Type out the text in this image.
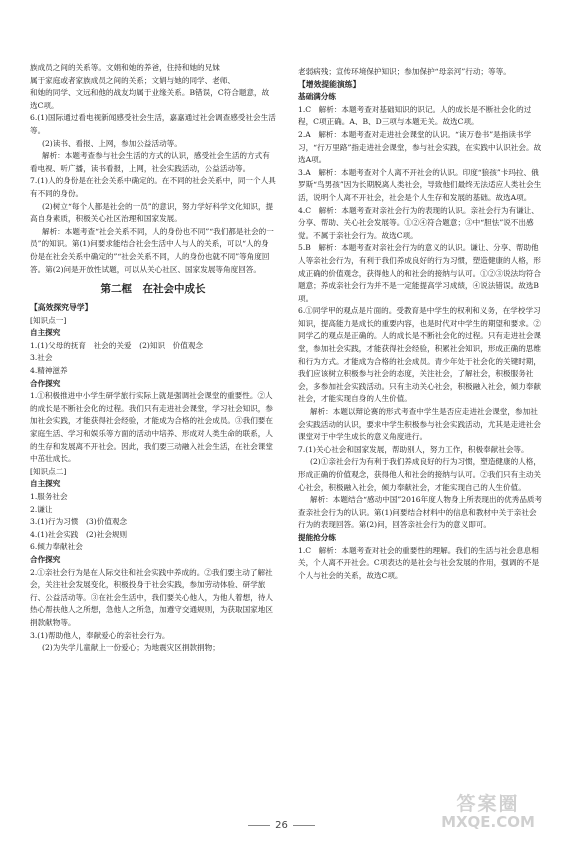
族成员之间的关系等。文娟和她的养爸，住持和她的兄妹

属于家庭或者家族成员之间的关系；文娟与她的同学、老师、

和她的同学、文远和他的战友均属于业缘关系。B错误，C符合题意，故选C项。

6.(1)国际通过看电视新闻感受社会生活，嘉嘉通过社会调查感受社会生活等。

(2)读书、看报、上网，参加公益活动等。

解析：本题考查参与社会生活的方式的认识，感受社会生活的方式有看电视、听广播，读书看报，上网，社会实践活动，公益活动等。

7.(1)人的身份是在社会关系中确定的。在不同的社会关系中，同一个人具有不同的身份。

(2)树立“每个人都是社会的一员”的意识，努力学好科学文化知识，提高自身素质，积极关心社区治理和国家发展。

解析：本题考查“社会关系不同，人的身份也不同”“我们都是社会的一员”的知识。第(1)问要求能结合社会生活中人与人的关系，可以“人的身份是在社会关系中确定的”“社会关系不同，人的身份也就不同”等角度回答。第(2)问是开放性试题，可以从关心社区、国家发展等角度回答。

第二框　在社会中成长

【高效探究导学】

[知识点一]

自主探究

1.(1)父母的抚育　社会的关爱　(2)知识　价值观念

3.社会

4.精神滋养

合作探究

1.①积极推进中小学生研学旅行实际上就是强调社会课堂的重要性。②人的成长是不断社会化的过程。我们只有走进社会课堂，学习社会知识，参加社会实践，才能获得社会经验，才能成为合格的社会成员。③我们要在家庭生活、学习和娱乐等方面的活动中培养、形成对人类生命的联系，人的生存和发展离不开社会。因此，我们要三动融入社会生活，在社会课堂中茁壮成长。

[知识点二]

自主探究

1.服务社会

2.谦让

3.(1)行为习惯　(3)价值观念

4.(1)社会实践　(2)社会规则

6.倾力奉献社会

合作探究

2.①亲社会行为是在人际交往和社会实践中养成的。②我们要主动了解社会，关注社会发展变化，积极投身于社会实践，参加劳动体验、研学旅行、公益活动等。③在社会生活中，我们要关心他人，为他人着想，待人热心帮扶他人之所想，急他人之所急，加遵守交通规则，为获取国家地区捐款献物等。

3.(1)帮助他人，奉献爱心的亲社会行为。

(2)为失学儿童献上一份爱心；为地震灾区捐款捐物；

老弱病残；宣传环境保护知识；参加保护“母亲河”行动；等等。

【增效提能演练】

基础满分练

1.C　解析：本题考查对基础知识的识记。人的成长是不断社会化的过程，C项正确。A、B、D三项与本题无关。故选C项。

2.A　解析：本题考查对走进社会课堂的认识。“读万卷书”是指读书学习，“行万里路”指走进社会课堂，参与社会实践，在实践中认识社会。故选A项。

3.A　解析：本题考查对个人离不开社会的认识。印度“狼孩”卡玛拉、俄罗斯“鸟男孩”因为长期脱离人类社会，导致他们最终无法适应人类社会生活，说明个人离不开社会，社会是个人生存和发展的基础。故选A项。

4.C　解析：本题考查对亲社会行为的表现的认识。亲社会行为有谦让、分享、帮助、关心社会发展等。①②④符合题意；③中“胆怯”说不出感觉。不属于亲社会行为。故选C项。

5.B　解析：本题考查对亲社会行为的意义的认识。谦让、分享、帮助他人等亲社会行为，有利于我们养成良好的行为习惯，塑造健康的人格，形成正确的价值观念，获得他人的和社会的接纳与认可。①②③说法均符合题意；养成亲社会行为并不是一定能提高学习成绩，④说法错误。故选B项。

6.①同学甲的观点是片面的。受教育是中学生的权利和义务，在学校学习知识，提高能力是成长的重要内容，也是时代对中学生的期望和要求。②同学乙的观点是正确的。人的成长是不断社会化的过程。只有走进社会课堂，参加社会实践，才能获得社会经验，积累社会知识，形成正确的思维和行为方式。才能成为合格的社会成员。青少年处于社会化的关键时期，我们应该树立积极参与社会的态度，关注社会，了解社会，积极服务社会，多参加社会实践活动。只有主动关心社会，积极融入社会，倾力奉献社会，才能实现自身的人生价值。

解析：本题以辩论赛的形式考查中学生是否应走进社会课堂，参加社会实践活动的认识，要求中学生积极参与社会实践活动，尤其是走进社会课堂对于中学生成长的意义角度进行。

7.(1)关心社会和国家发展，帮助别人，努力工作，积极奉献社会等。

(2)①亲社会行为有利于我们养成良好的行为习惯，塑造健康的人格，形成正确的价值观念，获得他人和社会的接纳与认可。②我们只有主动关心社会，积极融入社会，倾力奉献社会，才能实现自己的人生价值。

解析：本题结合“感动中国”2016年度人物身上所表现出的优秀品质考查亲社会行为的认识。第(1)问要结合材料中的信息和教材中关于亲社会行为的表现回答。第(2)问，回答亲社会行为的意义即可。

提能抢分练

1.C　解析：本题考查对社会的重要性的理解。我们的生活与社会息息相关，个人离不开社会。C项表达的是社会与社会发展的作用，强调的不是个人与社会的关系，故选C项。

26
答案圈
MXQE.COM
